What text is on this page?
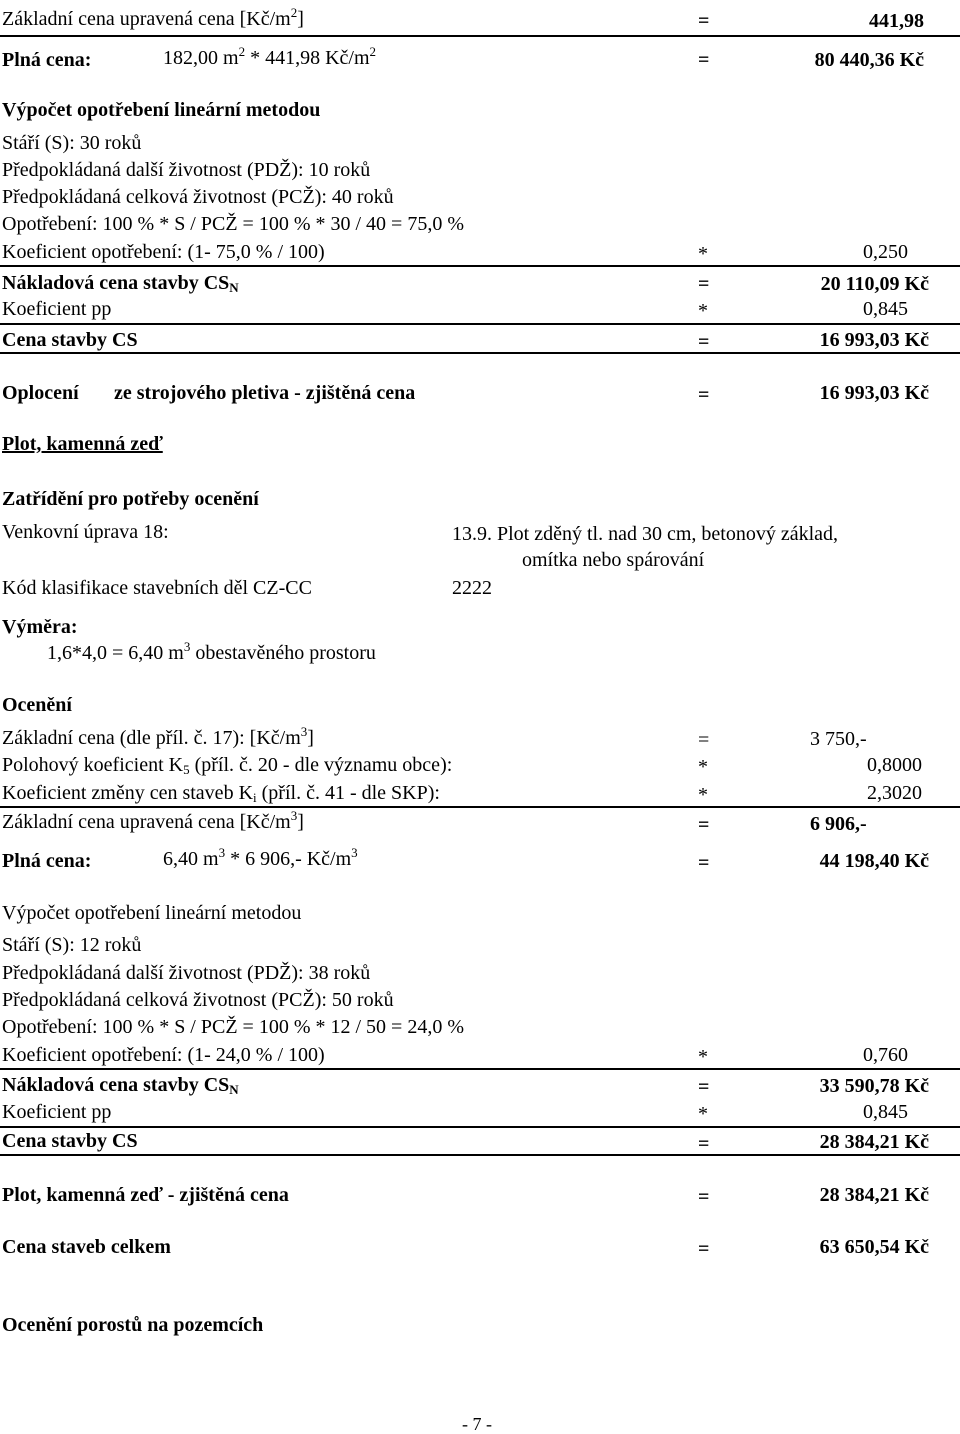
Základní cena upravená cena $[Kč/m^2]$	=	441,98
Plná cena:	182,00 $m^2 * 441,98$ $Kč/m^2$	=	80 440,36 Kč
Výpočet opotřebení lineární metodou
Stáří (S): 30 roků
Předpokládaná další životnost (PDŽ): 10 roků
Předpokládaná celková životnost (PCŽ): 40 roků
Opotřebení: 100 % * S / PCŽ = 100 % * 30 / 40 = 75,0 %
Koeficient opotřebení: (1- 75,0 % / 100)	*	0,250
Nákladová cena stavby $CS_N$	=	20 110,09 Kč
Koeficient pp	*	0,845
Cena stavby CS	=	16 993,03 Kč
Oplocení ze strojového pletiva - zjištěná cena	=	16 993,03 Kč
Plot, kamenná zeď
Zatřídění pro potřeby ocenění
Venkovní úprava 18:	13.9. Plot zděný tl. nad 30 cm, betonový základ,
omítka nebo spárování
Kód klasifikace stavebních děl CZ-CC	2222
Výměra:
1,6*4,0 = 6,40 $m^3$ obestavěného prostoru
Ocenění
Základní cena (dle příl. č. 17): $[Kč/m^3]$	=	3 750,-
Polohový koeficient $K_5$ (příl. č. 20 - dle významu obce):	*	0,8000
Koeficient změny cen staveb $K_i$ (příl. č. 41 - dle SKP):	*	2,3020
Základní cena upravená cena $[Kč/m^3]$	=	6 906,-
Plná cena:	6,40 $m^3 * 6$ 906,- $Kč/m^3$	=	44 198,40 Kč
Výpočet opotřebení lineární metodou
Stáří (S): 12 roků
Předpokládaná další životnost (PDŽ): 38 roků
Předpokládaná celková životnost (PCŽ): 50 roků
Opotřebení: 100 % * S / PCŽ = 100 % * 12 / 50 = 24,0 %
Koeficient opotřebení: (1- 24,0 % / 100)	*	0,760
Nákladová cena stavby $CS_N$	=	33 590,78 Kč
Koeficient pp	*	0,845
Cena stavby CS	=	28 384,21 Kč
Plot, kamenná zeď - zjištěná cena	=	28 384,21 Kč
Cena staveb celkem	=	63 650,54 Kč
Ocenění porostů na pozemcích
- 7 -
